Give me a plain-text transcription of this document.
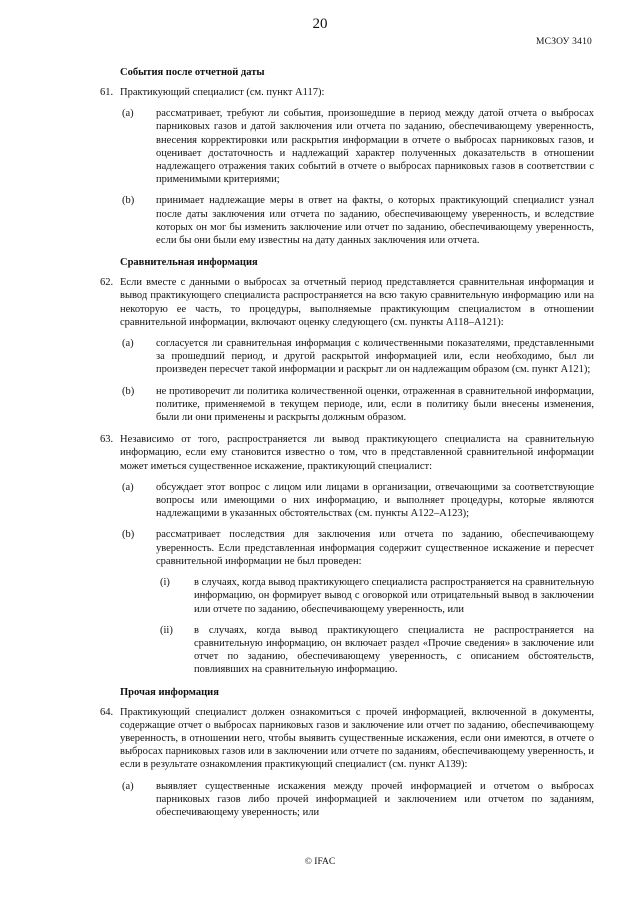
20
МСЗОУ 3410
События после отчетной даты
61. Практикующий специалист (см. пункт A117):
(a) рассматривает, требуют ли события, произошедшие в период между датой отчета о выбросах парниковых газов и датой заключения или отчета по заданию, обеспечивающему уверенность, внесения корректировки или раскрытия информации в отчете о выбросах парниковых газов, и оценивает достаточность и надлежащий характер полученных доказательств в отношении надлежащего отражения таких событий в отчете о выбросах парниковых газов в соответствии с применимыми критериями;
(b) принимает надлежащие меры в ответ на факты, о которых практикующий специалист узнал после даты заключения или отчета по заданию, обеспечивающему уверенность, и вследствие которых он мог бы изменить заключение или отчет по заданию, обеспечивающему уверенность, если бы они были ему известны на дату данных заключения или отчета.
Сравнительная информация
62. Если вместе с данными о выбросах за отчетный период представляется сравнительная информация и вывод практикующего специалиста распространяется на всю такую сравнительную информацию или на некоторую ее часть, то процедуры, выполняемые практикующим специалистом в отношении сравнительной информации, включают оценку следующего (см. пункты A118–A121):
(a) согласуется ли сравнительная информация с количественными показателями, представленными за прошедший период, и другой раскрытой информацией или, если необходимо, был ли произведен пересчет такой информации и раскрыт ли он надлежащим образом (см. пункт A121);
(b) не противоречит ли политика количественной оценки, отраженная в сравнительной информации, политике, применяемой в текущем периоде, или, если в политику были внесены изменения, были ли они применены и раскрыты должным образом.
63. Независимо от того, распространяется ли вывод практикующего специалиста на сравнительную информацию, если ему становится известно о том, что в представленной сравнительной информации может иметься существенное искажение, практикующий специалист:
(a) обсуждает этот вопрос с лицом или лицами в организации, отвечающими за соответствующие вопросы или имеющими о них информацию, и выполняет процедуры, которые являются надлежащими в указанных обстоятельствах (см. пункты A122–A123);
(b) рассматривает последствия для заключения или отчета по заданию, обеспечивающему уверенность. Если представленная информация содержит существенное искажение и пересчет сравнительной информации не был проведен:
(i) в случаях, когда вывод практикующего специалиста распространяется на сравнительную информацию, он формирует вывод с оговоркой или отрицательный вывод в заключении или отчете по заданию, обеспечивающему уверенность, или
(ii) в случаях, когда вывод практикующего специалиста не распространяется на сравнительную информацию, он включает раздел «Прочие сведения» в заключение или отчет по заданию, обеспечивающему уверенность, с описанием обстоятельств, повлиявших на сравнительную информацию.
Прочая информация
64. Практикующий специалист должен ознакомиться с прочей информацией, включенной в документы, содержащие отчет о выбросах парниковых газов и заключение или отчет по заданию, обеспечивающему уверенность, в отношении него, чтобы выявить существенные искажения, если они имеются, в отчете о выбросах парниковых газов или в заключении или отчете по заданиям, обеспечивающему уверенность, и если в результате ознакомления практикующий специалист (см. пункт A139):
(a) выявляет существенные искажения между прочей информацией и отчетом о выбросах парниковых газов либо прочей информацией и заключением или отчетом по заданиям, обеспечивающему уверенность; или
© IFAC
